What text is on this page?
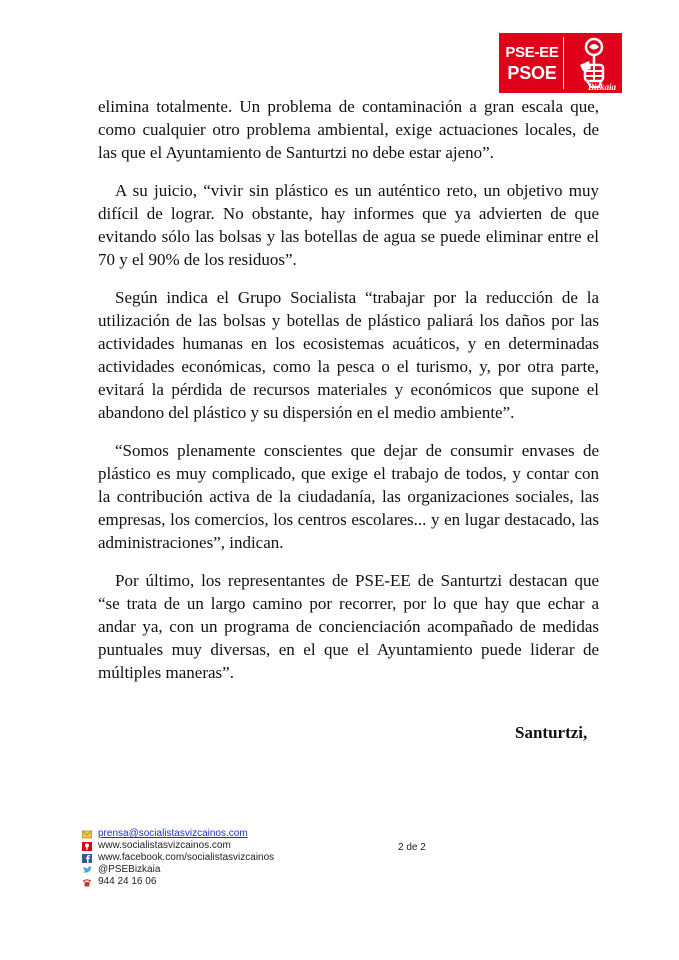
PSE-EE
PSOE
Bizkaia

elimina totalmente. Un problema de contaminación a gran escala que, como cualquier otro problema ambiental, exige actuaciones locales, de las que el Ayuntamiento de Santurtzi no debe estar ajeno”.

A su juicio, “vivir sin plástico es un auténtico reto, un objetivo muy difícil de lograr. No obstante, hay informes que ya advierten de que evitando sólo las bolsas y las botellas de agua se puede eliminar entre el 70 y el 90% de los residuos”.

Según indica el Grupo Socialista “trabajar por la reducción de la utilización de las bolsas y botellas de plástico paliará los daños por las actividades humanas en los ecosistemas acuáticos, y en determinadas actividades económicas, como la pesca o el turismo, y, por otra parte, evitará la pérdida de recursos materiales y económicos que supone el abandono del plástico y su dispersión en el medio ambiente”.

“Somos plenamente conscientes que dejar de consumir envases de plástico es muy complicado, que exige el trabajo de todos, y contar con la contribución activa de la ciudadanía, las organizaciones sociales, las empresas, los comercios, los centros escolares... y en lugar destacado, las administraciones”, indican.

Por último, los representantes de PSE-EE de Santurtzi destacan que “se trata de un largo camino por recorrer, por lo que hay que echar a andar ya, con un programa de concienciación acompañado de medidas puntuales muy diversas, en el que el Ayuntamiento puede liderar de múltiples maneras”.

Santurtzi,
prensa@socialistasvizcainos.com
www.socialistasvizcainos.com
www.facebook.com/socialistasvizcainos
@PSEBizkaia
944 24 16 06
2 de 2
